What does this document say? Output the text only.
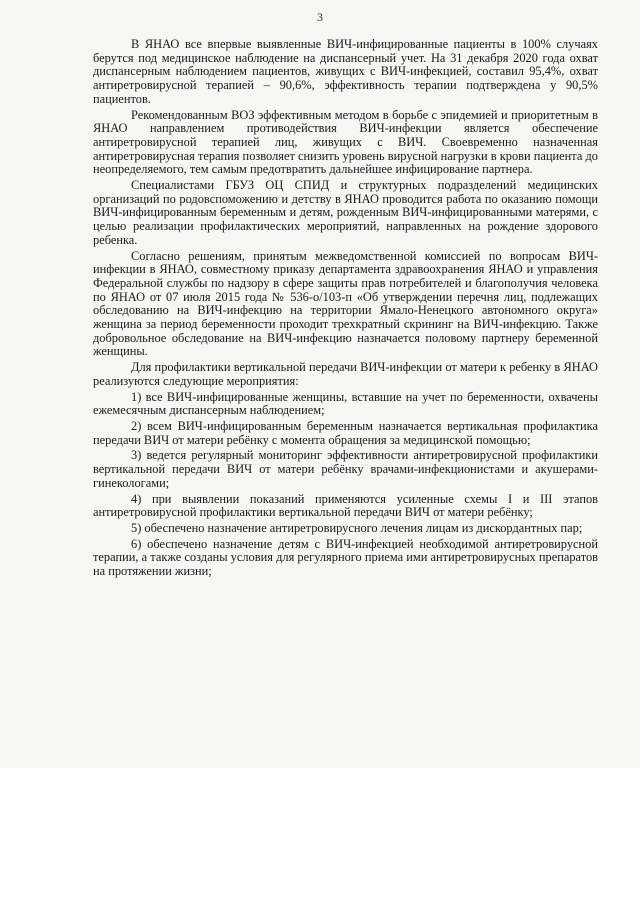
3

В ЯНАО все впервые выявленные ВИЧ-инфицированные пациенты в 100% случаях берутся под медицинское наблюдение на диспансерный учет. На 31 декабря 2020 года охват диспансерным наблюдением пациентов, живущих с ВИЧ-инфекцией, составил 95,4%, охват антиретровирусной терапией – 90,6%, эффективность терапии подтверждена у 90,5% пациентов.

Рекомендованным ВОЗ эффективным методом в борьбе с эпидемией и приоритетным в ЯНАО направлением противодействия ВИЧ-инфекции является обеспечение антиретровирусной терапией лиц, живущих с ВИЧ. Своевременно назначенная антиретровирусная терапия позволяет снизить уровень вирусной нагрузки в крови пациента до неопределяемого, тем самым предотвратить дальнейшее инфицирование партнера.

Специалистами ГБУЗ ОЦ СПИД и структурных подразделений медицинских организаций по родовспоможению и детству в ЯНАО проводится работа по оказанию помощи ВИЧ-инфицированным беременным и детям, рожденным ВИЧ-инфицированными матерями, с целью реализации профилактических мероприятий, направленных на рождение здорового ребенка.

Согласно решениям, принятым межведомственной комиссией по вопросам ВИЧ-инфекции в ЯНАО, совместному приказу департамента здравоохранения ЯНАО и управления Федеральной службы по надзору в сфере защиты прав потребителей и благополучия человека по ЯНАО от 07 июля 2015 года № 536-о/103-п «Об утверждении перечня лиц, подлежащих обследованию на ВИЧ-инфекцию на территории Ямало-Ненецкого автономного округа» женщина за период беременности проходит трехкратный скрининг на ВИЧ-инфекцию. Также добровольное обследование на ВИЧ-инфекцию назначается половому партнеру беременной женщины.

Для профилактики вертикальной передачи ВИЧ-инфекции от матери к ребенку в ЯНАО реализуются следующие мероприятия:

1) все ВИЧ-инфицированные женщины, вставшие на учет по беременности, охвачены ежемесячным диспансерным наблюдением;

2) всем ВИЧ-инфицированным беременным назначается вертикальная профилактика передачи ВИЧ от матери ребёнку с момента обращения за медицинской помощью;

3) ведется регулярный мониторинг эффективности антиретровирусной профилактики вертикальной передачи ВИЧ от матери ребёнку врачами-инфекционистами и акушерами-гинекологами;

4) при выявлении показаний применяются усиленные схемы I и III этапов антиретровирусной профилактики вертикальной передачи ВИЧ от матери ребёнку;

5) обеспечено назначение антиретровирусного лечения лицам из дискордантных пар;

6) обеспечено назначение детям с ВИЧ-инфекцией необходимой антиретровирусной терапии, а также созданы условия для регулярного приема ими антиретровирусных препаратов на протяжении жизни;
